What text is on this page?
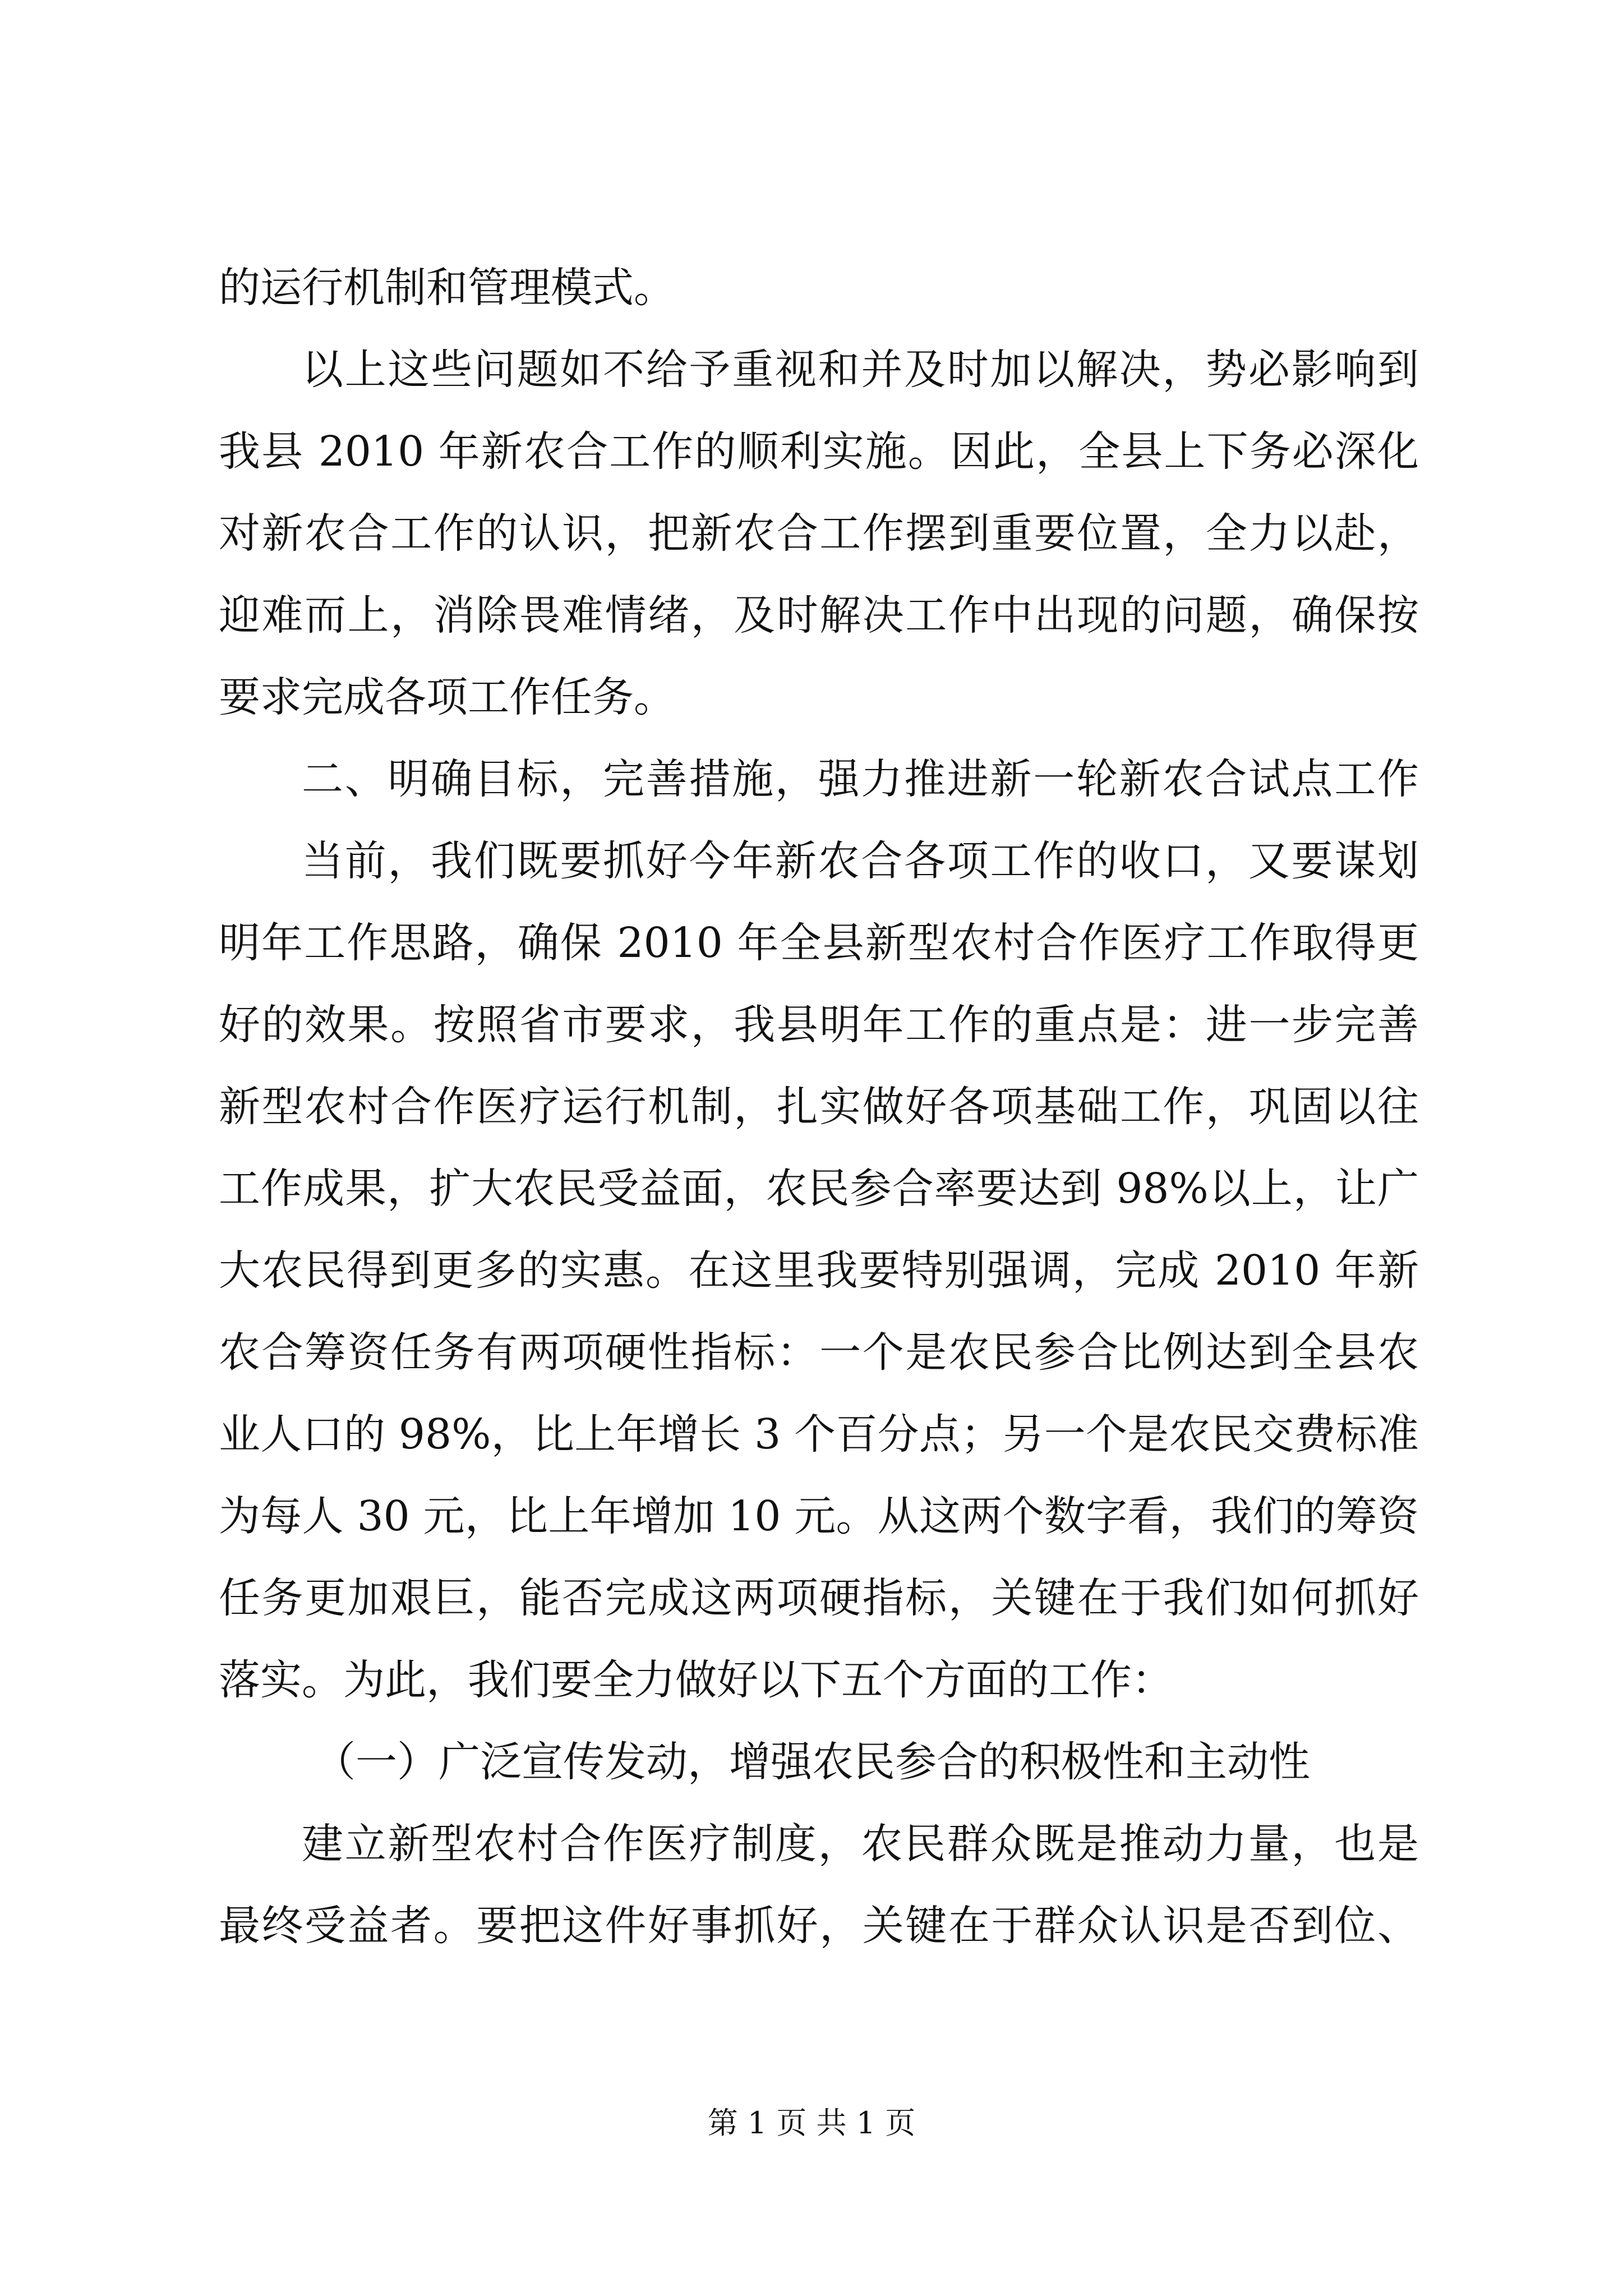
的运行机制和管理模式。
以上这些问题如不给予重视和并及时加以解决，势必影响到
我县 2010 年新农合工作的顺利实施。因此，全县上下务必深化
对新农合工作的认识，把新农合工作摆到重要位置，全力以赴，
迎难而上，消除畏难情绪，及时解决工作中出现的问题，确保按
要求完成各项工作任务。
二、明确目标，完善措施，强力推进新一轮新农合试点工作
当前，我们既要抓好今年新农合各项工作的收口，又要谋划
明年工作思路，确保 2010 年全县新型农村合作医疗工作取得更
好的效果。按照省市要求，我县明年工作的重点是：进一步完善
新型农村合作医疗运行机制，扎实做好各项基础工作，巩固以往
工作成果，扩大农民受益面，农民参合率要达到 98%以上，让广
大农民得到更多的实惠。在这里我要特别强调，完成 2010 年新
农合筹资任务有两项硬性指标：一个是农民参合比例达到全县农
业人口的 98%，比上年增长 3 个百分点；另一个是农民交费标准
为每人 30 元，比上年增加 10 元。从这两个数字看，我们的筹资
任务更加艰巨，能否完成这两项硬指标，关键在于我们如何抓好
落实。为此，我们要全力做好以下五个方面的工作：
（一）广泛宣传发动，增强农民参合的积极性和主动性
建立新型农村合作医疗制度，农民群众既是推动力量，也是
最终受益者。要把这件好事抓好，关键在于群众认识是否到位、
第 1 页 共 1 页
